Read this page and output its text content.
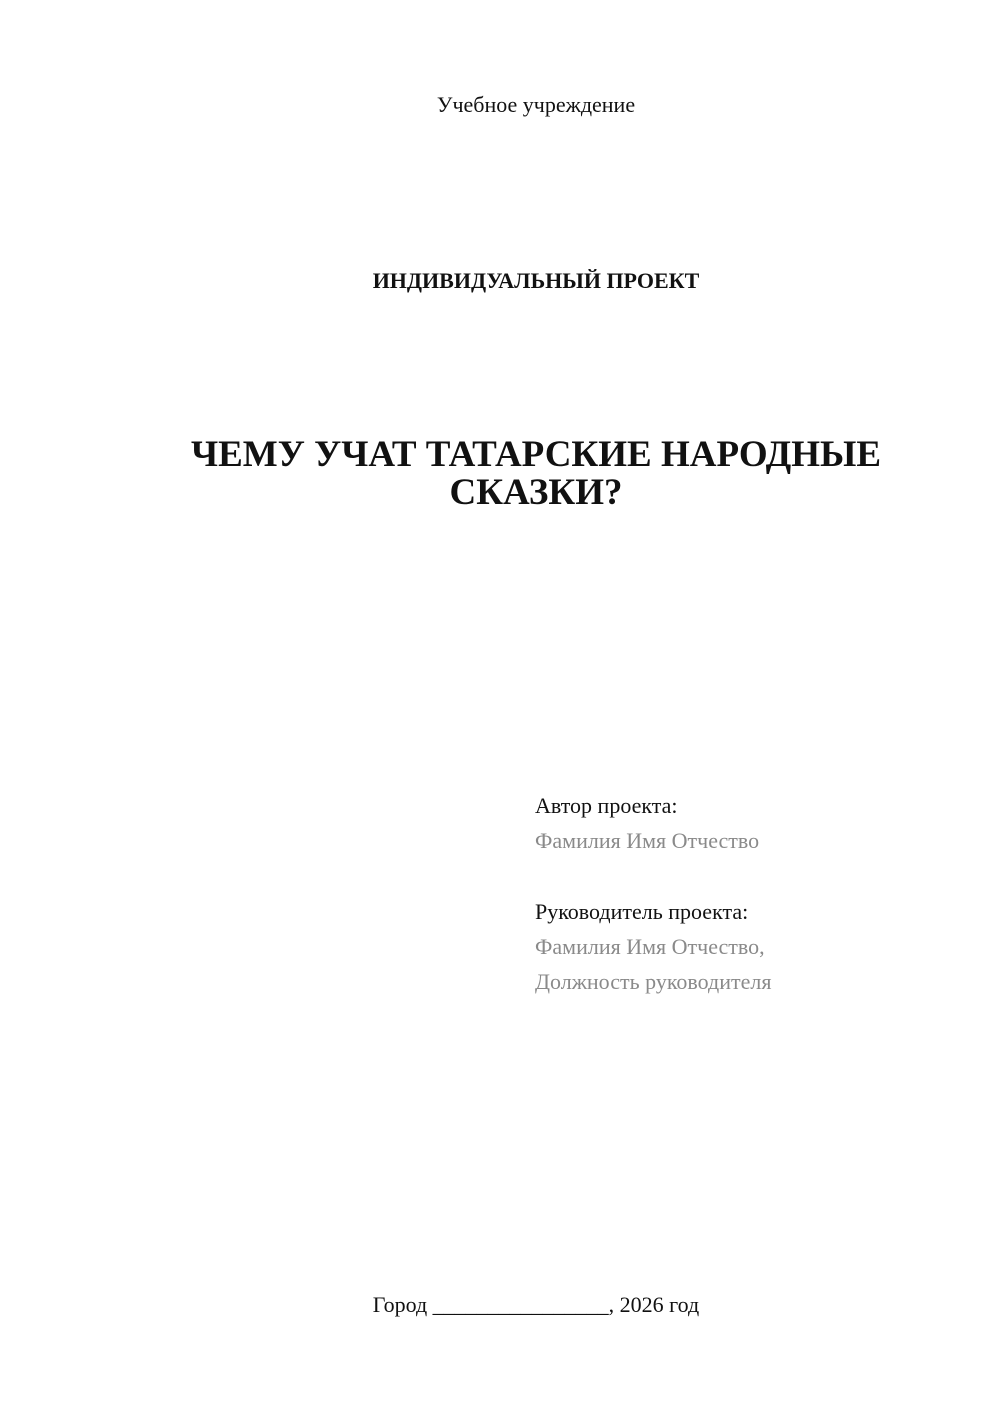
Учебное учреждение
ИНДИВИДУАЛЬНЫЙ ПРОЕКТ
ЧЕМУ УЧАТ ТАТАРСКИЕ НАРОДНЫЕ
СКАЗКИ?
Автор проекта:
Фамилия Имя Отчество
Руководитель проекта:
Фамилия Имя Отчество,
Должность руководителя
Город ________________, 2026 год
